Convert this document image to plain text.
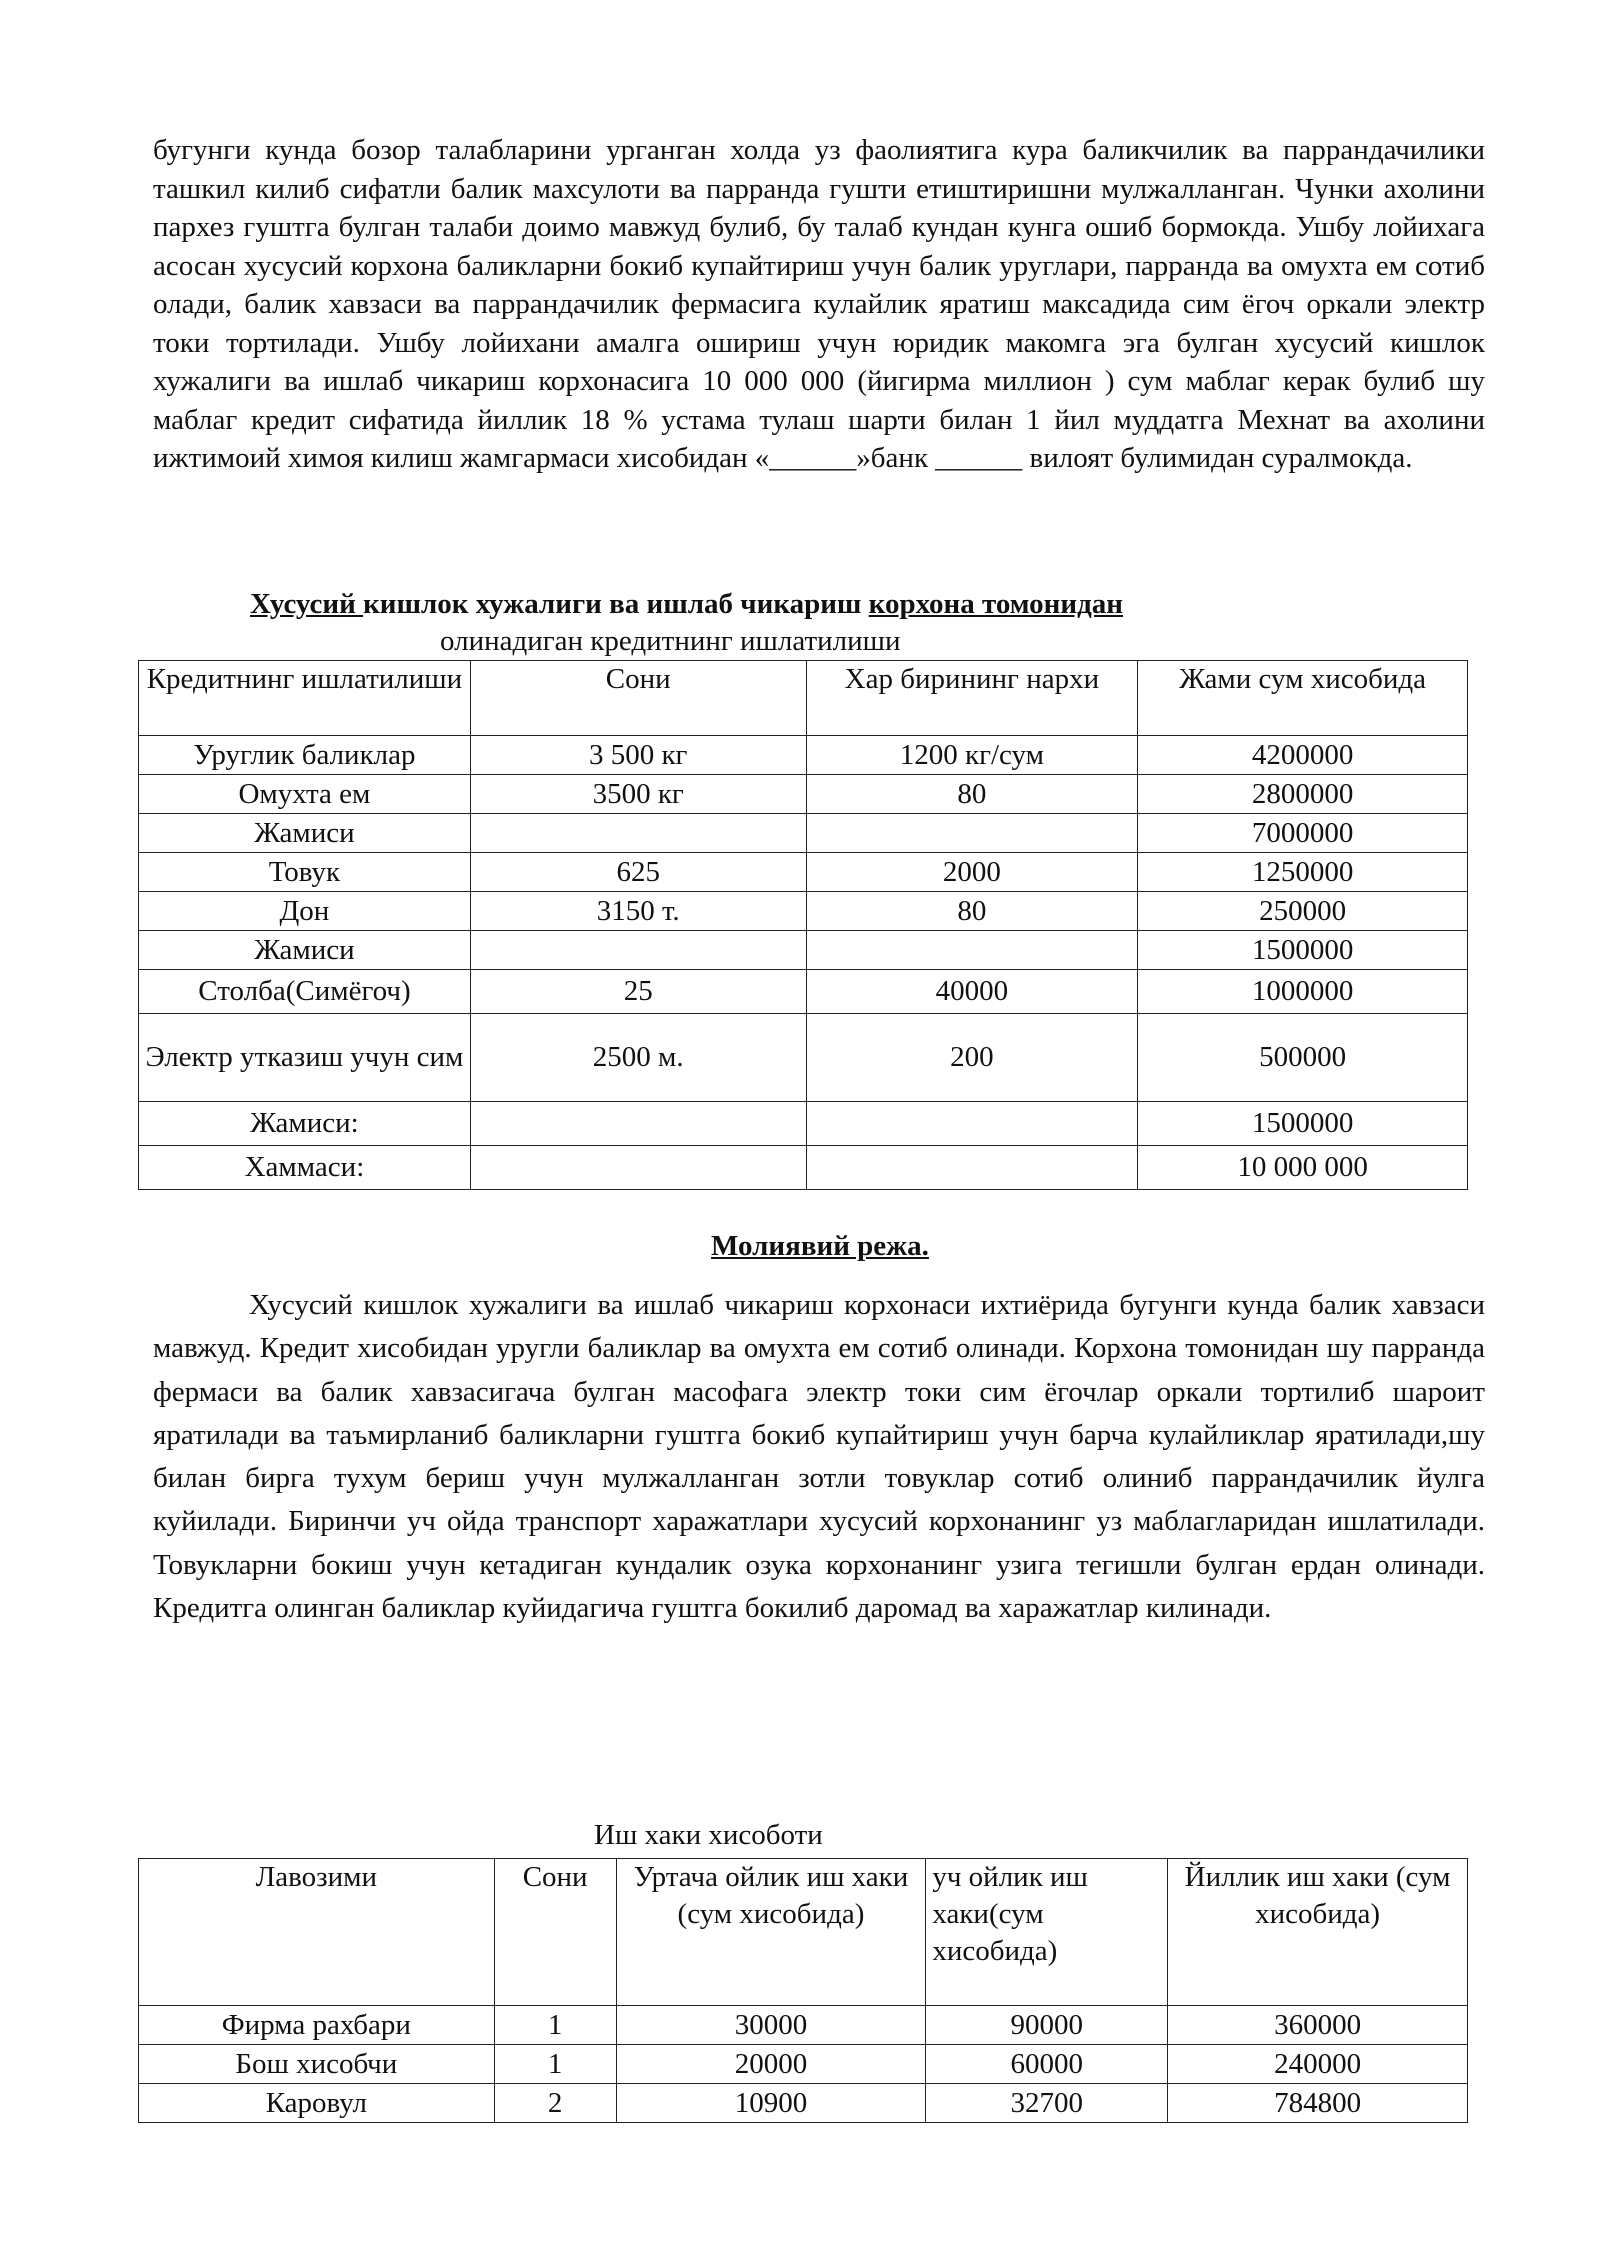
бугунги кунда бозор талабларини урганган холда уз фаолиятига кура баликчилик ва паррандачилики ташкил килиб сифатли балик махсулоти ва парранда гушти етиштиришни мулжалланган. Чунки ахолини пархез гуштга булган талаби доимо мавжуд булиб, бу талаб кундан кунга ошиб бормокда. Ушбу лойихага асосан хусусий корхона баликларни бокиб купайтириш учун балик уруглари, парранда ва омухта ем сотиб олади, балик хавзаси ва паррандачилик фермасига кулайлик яратиш максадида сим ёгоч оркали электр токи тортилади. Ушбу лойихани амалга ошириш учун юридик макомга эга булган хусусий кишлок хужалиги ва ишлаб чикариш корхонасига 10 000 000 (йигирма миллион ) сум маблаг керак булиб шу маблаг кредит сифатида йиллик 18 % устама тулаш шарти билан 1 йил муддатга Мехнат ва ахолини ижтимоий химоя килиш жамгармаси хисобидан «______»банк ______ вилоят булимидан суралмокда.

Хусусий кишлок хужалиги ва ишлаб чикариш корхона томонидан

олинадиган кредитнинг ишлатилиши

Кредитнинг ишлатилиши	Сони	Хар бирининг нархи	Жами сум хисобида
Уруглик баликлар	3 500 кг	1200 кг/сум	4200000
Омухта ем	3500 кг	80	2800000
Жамиси			7000000
Товук	625	2000	1250000
Дон	3150 т.	80	250000
Жамиси			1500000
Столба(Симёгоч)	25	40000	1000000
Электр утказиш учун сим	2500 м.	200	500000
Жамиси:			1500000
Хаммаси:			10 000 000

Молиявий режа.

Хусусий кишлок хужалиги ва ишлаб чикариш корхонаси ихтиёрида бугунги кунда балик хавзаси мавжуд. Кредит хисобидан уругли баликлар ва омухта ем сотиб олинади. Корхона томонидан шу парранда фермаси ва балик хавзасигача булган масофага электр токи сим ёгочлар оркали тортилиб шароит яратилади ва таъмирланиб баликларни гуштга бокиб купайтириш учун барча кулайликлар яратилади,шу билан бирга тухум бериш учун мулжалланган зотли товуклар сотиб олиниб паррандачилик йулга куйилади. Биринчи уч ойда транспорт харажатлари хусусий корхонанинг уз маблагларидан ишлатилади. Товукларни бокиш учун кетадиган кундалик озука корхонанинг узига тегишли булган ердан олинади. Кредитга олинган баликлар куйидагича гуштга бокилиб даромад ва харажатлар килинади.

Иш хаки хисоботи

Лавозими	Сони	Уртача ойлик иш хаки (сум хисобида)	уч ойлик иш хаки(сум хисобида)	Йиллик иш хаки (сум хисобида)
Фирма рахбари	1	30000	90000	360000
Бош хисобчи	1	20000	60000	240000
Каровул	2	10900	32700	784800
